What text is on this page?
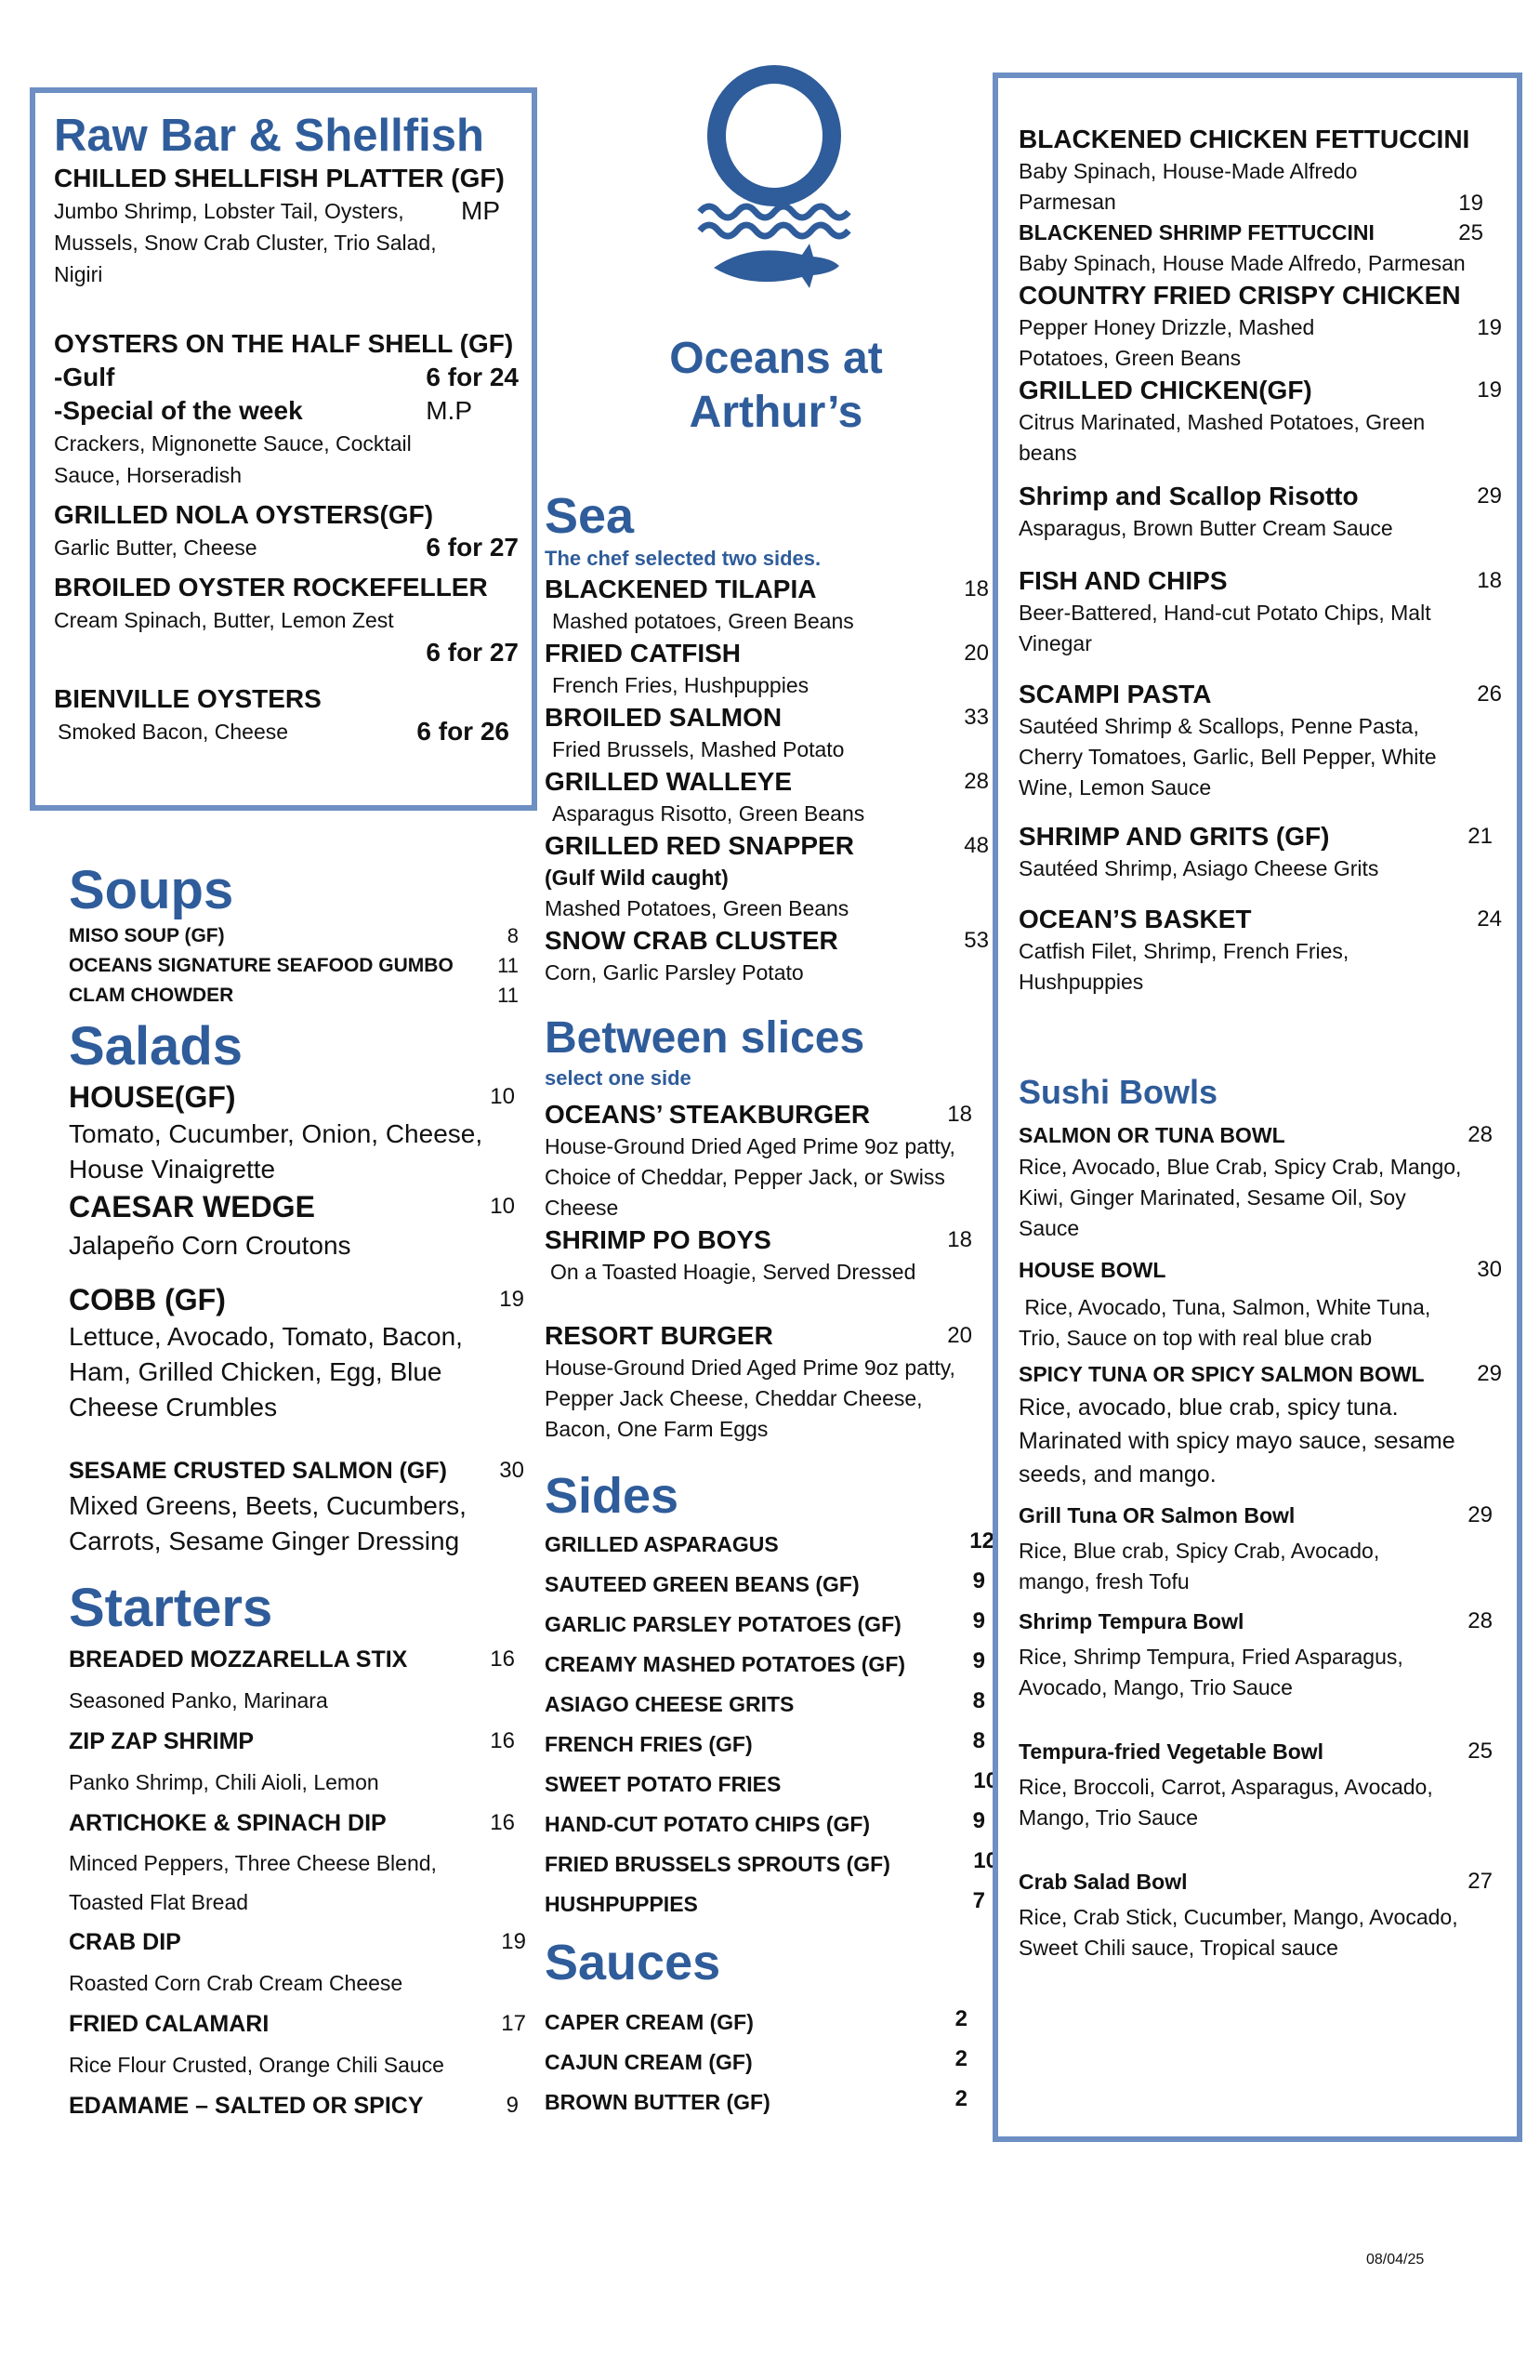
Raw Bar & Shellfish
CHILLED SHELLFISH PLATTER (GF)
Jumbo Shrimp, Lobster Tail, Oysters, MP
Mussels, Snow Crab Cluster, Trio Salad,
Nigiri
OYSTERS ON THE HALF SHELL (GF)
-Gulf	6 for 24
-Special of the week	M.P
Crackers, Mignonette Sauce, Cocktail
Sauce, Horseradish
GRILLED NOLA OYSTERS(GF)
Garlic Butter, Cheese	6 for 27
BROILED OYSTER ROCKEFELLER
Cream Spinach, Butter, Lemon Zest
6 for 27
BIENVILLE OYSTERS
Smoked Bacon, Cheese	6 for 26
Oceans at
Arthur’s
Soups
MISO SOUP (GF)	8
OCEANS SIGNATURE SEAFOOD GUMBO 11
CLAM CHOWDER	11
Salads
HOUSE(GF)	10
Tomato, Cucumber, Onion, Cheese,
House Vinaigrette
CAESAR WEDGE	10
Jalapeño Corn Croutons
COBB (GF)	19
Lettuce, Avocado, Tomato, Bacon,
Ham, Grilled Chicken, Egg, Blue
Cheese Crumbles
SESAME CRUSTED SALMON (GF) 30
Mixed Greens, Beets, Cucumbers,
Carrots, Sesame Ginger Dressing
Starters
BREADED MOZZARELLA STIX	16
Seasoned Panko, Marinara
ZIP ZAP SHRIMP	16
Panko Shrimp, Chili Aioli, Lemon
ARTICHOKE & SPINACH DIP	16
Minced Peppers, Three Cheese Blend,
Toasted Flat Bread
CRAB DIP	19
Roasted Corn Crab Cream Cheese
FRIED CALAMARI	17
Rice Flour Crusted, Orange Chili Sauce
EDAMAME – SALTED OR SPICY	9
Sea
The chef selected two sides.
BLACKENED TILAPIA	18
Mashed potatoes, Green Beans
FRIED CATFISH	20
French Fries, Hushpuppies
BROILED SALMON	33
Fried Brussels, Mashed Potato
GRILLED WALLEYE	28
Asparagus Risotto, Green Beans
GRILLED RED SNAPPER	48
(Gulf Wild caught)
Mashed Potatoes, Green Beans
SNOW CRAB CLUSTER	53
Corn, Garlic Parsley Potato
Between slices
select one side
OCEANS’ STEAKBURGER	18
House-Ground Dried Aged Prime 9oz patty,
Choice of Cheddar, Pepper Jack, or Swiss
Cheese
SHRIMP PO BOYS	18
On a Toasted Hoagie, Served Dressed
RESORT BURGER	20
House-Ground Dried Aged Prime 9oz patty,
Pepper Jack Cheese, Cheddar Cheese,
Bacon, One Farm Eggs
Sides
GRILLED ASPARAGUS	12
SAUTEED GREEN BEANS (GF)	9
GARLIC PARSLEY POTATOES (GF)	9
CREAMY MASHED POTATOES (GF)	9
ASIAGO CHEESE GRITS	8
FRENCH FRIES (GF)	8
SWEET POTATO FRIES	10
HAND-CUT POTATO CHIPS (GF)	9
FRIED BRUSSELS SPROUTS (GF)	10
HUSHPUPPIES	7
Sauces
CAPER CREAM (GF)	2
CAJUN CREAM (GF)	2
BROWN BUTTER (GF)	2
BLACKENED CHICKEN FETTUCCINI
Baby Spinach, House-Made Alfredo
Parmesan	19
BLACKENED SHRIMP FETTUCCINI	25
Baby Spinach, House Made Alfredo, Parmesan
COUNTRY FRIED CRISPY CHICKEN
Pepper Honey Drizzle, Mashed	19
Potatoes, Green Beans
GRILLED CHICKEN(GF)	19
Citrus Marinated, Mashed Potatoes, Green
beans
Shrimp and Scallop Risotto	29
Asparagus, Brown Butter Cream Sauce
FISH AND CHIPS	18
Beer-Battered, Hand-cut Potato Chips, Malt
Vinegar
SCAMPI PASTA	26
Sautéed Shrimp & Scallops, Penne Pasta,
Cherry Tomatoes, Garlic, Bell Pepper, White
Wine, Lemon Sauce
SHRIMP AND GRITS (GF)	21
Sautéed Shrimp, Asiago Cheese Grits
OCEAN’S BASKET	24
Catfish Filet, Shrimp, French Fries,
Hushpuppies
Sushi Bowls
SALMON OR TUNA BOWL	28
Rice, Avocado, Blue Crab, Spicy Crab, Mango,
Kiwi, Ginger Marinated, Sesame Oil, Soy
Sauce
HOUSE BOWL	30
Rice, Avocado, Tuna, Salmon, White Tuna,
Trio, Sauce on top with real blue crab
SPICY TUNA OR SPICY SALMON BOWL 29
Rice, avocado, blue crab, spicy tuna.
Marinated with spicy mayo sauce, sesame
seeds, and mango.
Grill Tuna OR Salmon Bowl	29
Rice, Blue crab, Spicy Crab, Avocado,
mango, fresh Tofu
Shrimp Tempura Bowl	28
Rice, Shrimp Tempura, Fried Asparagus,
Avocado, Mango, Trio Sauce
Tempura-fried Vegetable Bowl	25
Rice, Broccoli, Carrot, Asparagus, Avocado,
Mango, Trio Sauce
Crab Salad Bowl	27
Rice, Crab Stick, Cucumber, Mango, Avocado,
Sweet Chili sauce, Tropical sauce
08/04/25
